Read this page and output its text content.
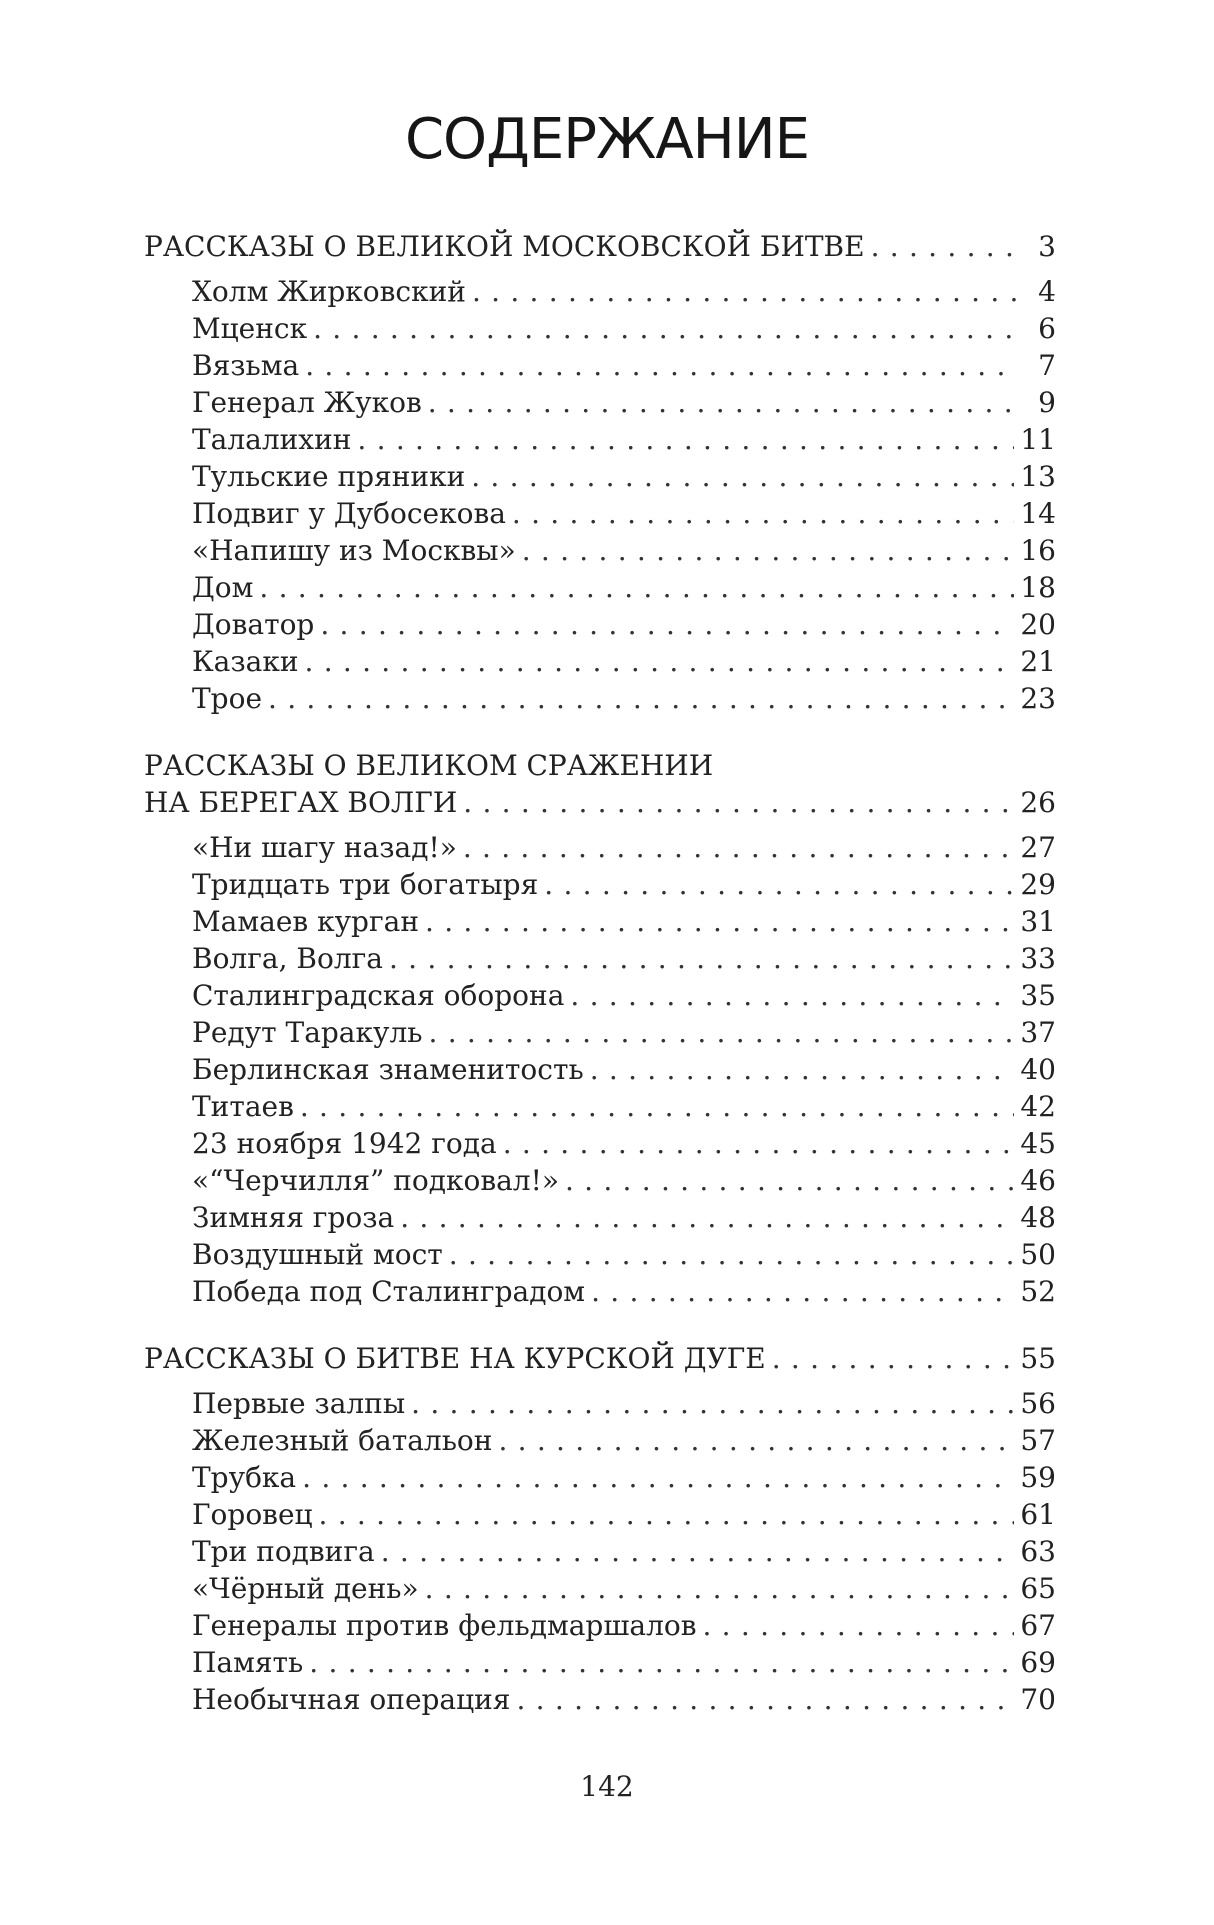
СОДЕРЖАНИЕ
РАССКАЗЫ О ВЕЛИКОЙ МОСКОВСКОЙ БИТВЕ . . .	3
Холм Жирковский . . .	4
Мценск . . .	6
Вязьма . . .	7
Генерал Жуков . . .	9
Талалихин . . .	11
Тульские пряники . . .	13
Подвиг у Дубосекова . . .	14
«Напишу из Москвы» . . .	16
Дом . . .	18
Доватор . . .	20
Казаки . . .	21
Трое . . .	23
РАССКАЗЫ О ВЕЛИКОМ СРАЖЕНИИ
НА БЕРЕГАХ ВОЛГИ . . .	26
«Ни шагу назад!» . . .	27
Тридцать три богатыря . . .	29
Мамаев курган . . .	31
Волга, Волга . . .	33
Сталинградская оборона . . .	35
Редут Таракуль . . .	37
Берлинская знаменитость . . .	40
Титаев . . .	42
23 ноября 1942 года . . .	45
«“Черчилля” подковал!» . . .	46
Зимняя гроза . . .	48
Воздушный мост . . .	50
Победа под Сталинградом . . .	52
РАССКАЗЫ О БИТВЕ НА КУРСКОЙ ДУГЕ . . .	55
Первые залпы . . .	56
Железный батальон . . .	57
Трубка . . .	59
Горовец . . .	61
Три подвига . . .	63
«Чёрный день» . . .	65
Генералы против фельдмаршалов . . .	67
Память . . .	69
Необычная операция . . .	70
142
